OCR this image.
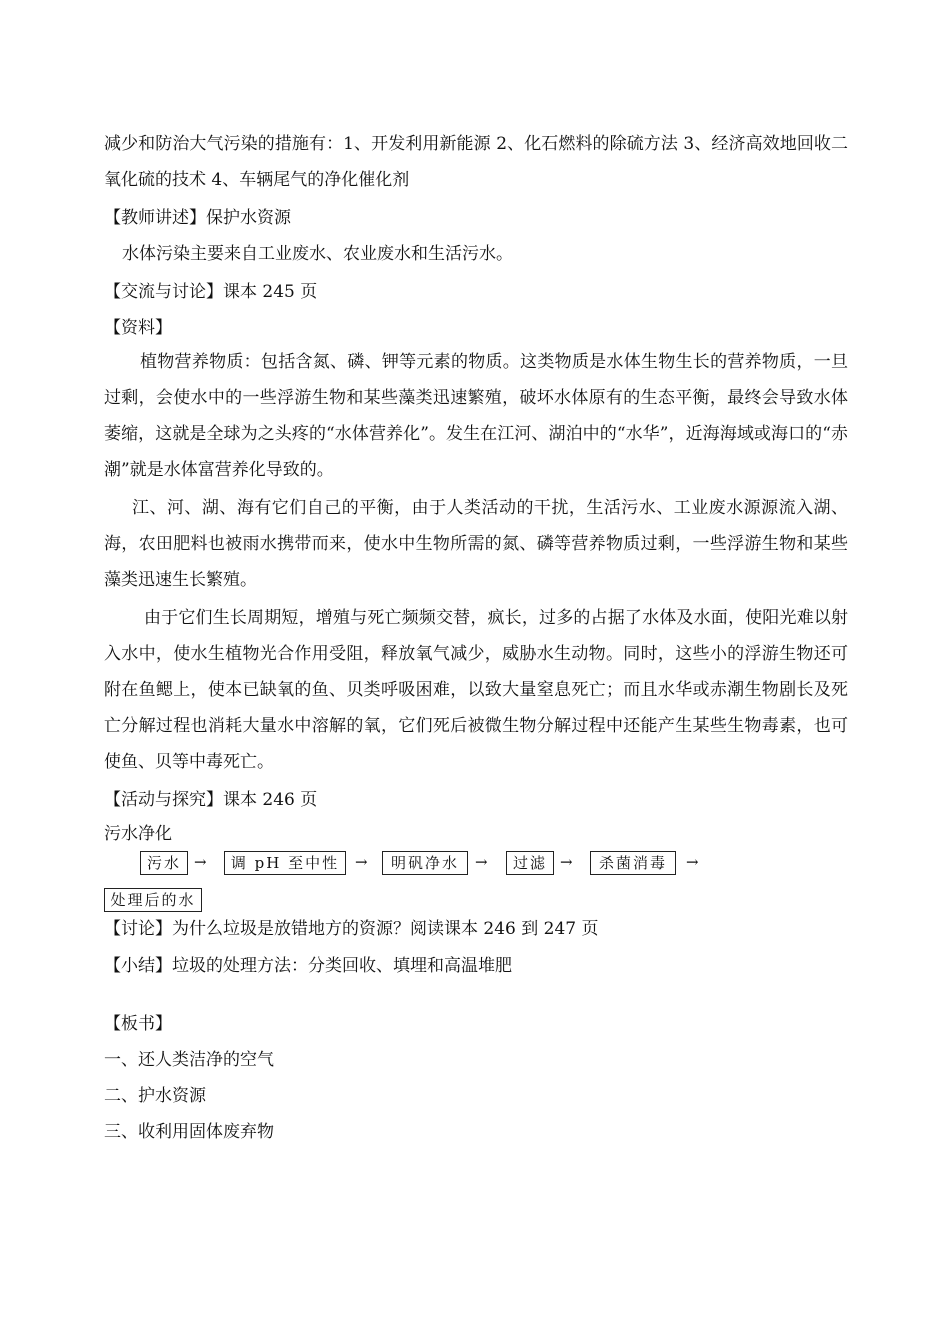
减少和防治大气污染的措施有：1、开发利用新能源 2、化石燃料的除硫方法 3、经济高效地回收二氧化硫的技术 4、车辆尾气的净化催化剂
【教师讲述】保护水资源
水体污染主要来自工业废水、农业废水和生活污水。
【交流与讨论】课本 245 页
【资料】
植物营养物质：包括含氮、磷、钾等元素的物质。这类物质是水体生物生长的营养物质，一旦过剩，会使水中的一些浮游生物和某些藻类迅速繁殖，破坏水体原有的生态平衡，最终会导致水体萎缩，这就是全球为之头疼的“水体营养化”。发生在江河、湖泊中的“水华”，近海海域或海口的“赤潮”就是水体富营养化导致的。
江、河、湖、海有它们自己的平衡，由于人类活动的干扰，生活污水、工业废水源源流入湖、海，农田肥料也被雨水携带而来，使水中生物所需的氮、磷等营养物质过剩，一些浮游生物和某些藻类迅速生长繁殖。
由于它们生长周期短，增殖与死亡频频交替，疯长，过多的占据了水体及水面，使阳光难以射入水中，使水生植物光合作用受阻，释放氧气减少，威胁水生动物。同时，这些小的浮游生物还可附在鱼鳃上，使本已缺氧的鱼、贝类呼吸困难，以致大量窒息死亡；而且水华或赤潮生物剧长及死亡分解过程也消耗大量水中溶解的氧，它们死后被微生物分解过程中还能产生某些生物毒素，也可使鱼、贝等中毒死亡。
【活动与探究】课本 246 页
污水净化
污水 →	调 pH 至中性	→	明矾净水	→	过滤 →	杀菌消毒	→
处理后的水
【讨论】为什么垃圾是放错地方的资源？阅读课本 246 到 247 页
【小结】垃圾的处理方法：分类回收、填埋和高温堆肥
【板书】
一、还人类洁净的空气
二、护水资源
三、收利用固体废弃物
